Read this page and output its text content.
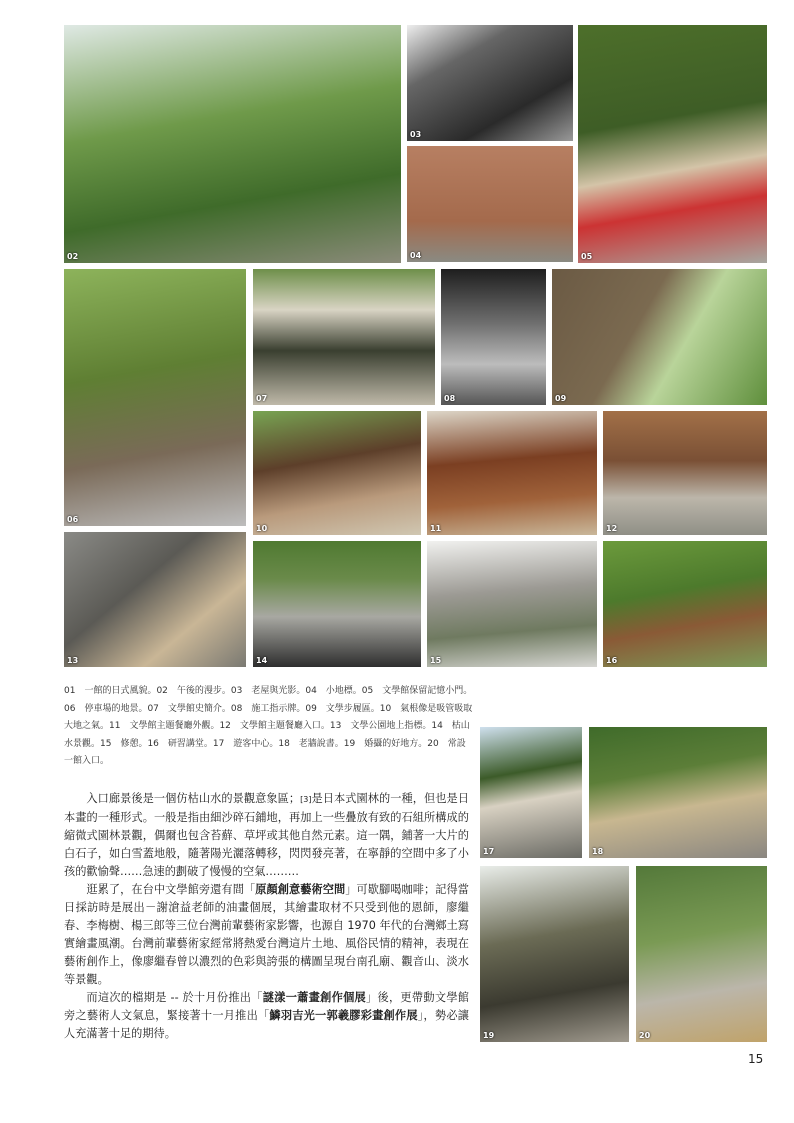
02
03
04	05
06
07	08	09
10	11	12
13	14	15	16
17	18
19	20
01　一館的日式風貌。02　午後的漫步。03　老屋與光影。04　小地標。05　文學館保留記憶小門。06　停車場的地景。07　文學館史簡介。08　施工指示牌。09　文學步履區。10　氣根像是吸管吸取大地之氣。11　文學館主題餐廳外觀。12　文學館主題餐廳入口。13　文學公園地上指標。14　枯山水景觀。15　修憩。16　研習講堂。17　遊客中心。18　老牆說書。19　婚攝的好地方。20　常設一館入口。

入口廊景後是一個仿枯山水的景觀意象區；[3]是日本式園林的一種，但也是日本畫的一種形式。一般是指由細沙碎石鋪地，再加上一些疊放有致的石組所構成的縮微式園林景觀，偶爾也包含苔蘚、草坪或其他自然元素。這一隅，鋪著一大片的白石子，如白雪蓋地般，隨著陽光灑落轉移，閃閃發亮著，在寧靜的空間中多了小孩的歡愉聲……急速的劃破了慢慢的空氣………

逛累了，在台中文學館旁還有間「原顏創意藝術空間」可歇腳喝咖啡；記得當日採訪時是展出－謝滄益老師的油畫個展，其繪畫取材不只受到他的恩師，廖繼春、李梅樹、楊三郎等三位台灣前輩藝術家影響，也源自 1970 年代的台灣鄉土寫實繪畫風潮。台灣前輩藝術家經常將熱愛台灣這片土地、風俗民情的精神，表現在藝術創作上，像廖繼春曾以濃烈的色彩與誇張的構圖呈現台南孔廟、觀音山、淡水等景觀。

而這次的檔期是 -- 於十月份推出「謎漾一蕭畫創作個展」後，更帶動文學館旁之藝術人文氣息，緊接著十一月推出「鱗羽吉光一郭羲膠彩畫創作展」，勢必讓人充滿著十足的期待。

15
